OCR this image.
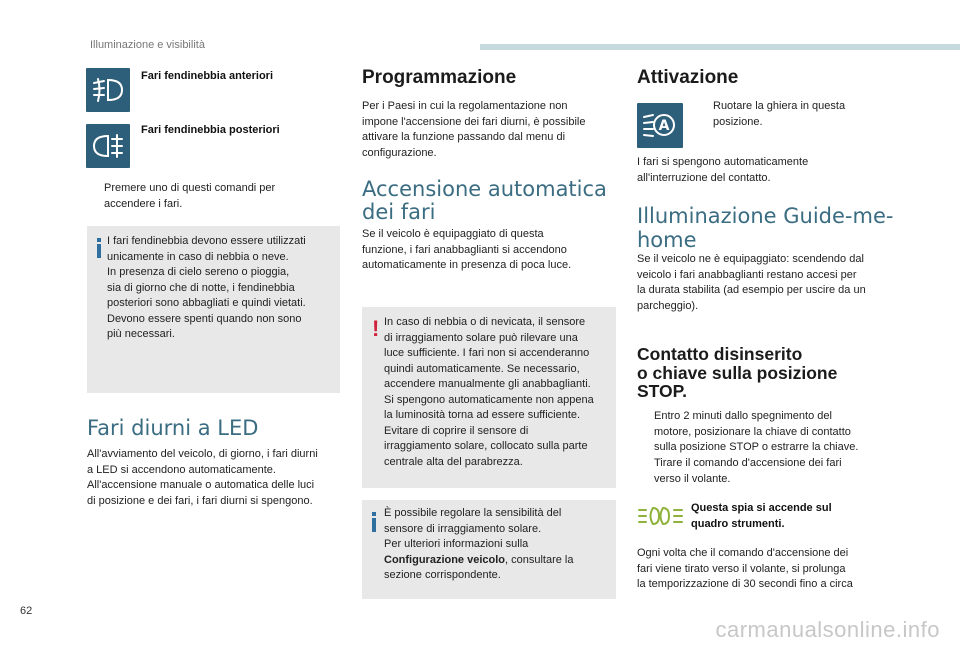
Illuminazione e visibilità
Fari fendinebbia anteriori
Fari fendinebbia posteriori
Premere uno di questi comandi per accendere i fari.
I fari fendinebbia devono essere utilizzati
unicamente in caso di nebbia o neve.
In presenza di cielo sereno o pioggia,
sia di giorno che di notte, i fendinebbia
posteriori sono abbagliati e quindi vietati.
Devono essere spenti quando non sono
più necessari.
Fari diurni a LED
All'avviamento del veicolo, di giorno, i fari diurni
a LED si accendono automaticamente.
All'accensione manuale o automatica delle luci
di posizione e dei fari, i fari diurni si spengono.
Programmazione
Per i Paesi in cui la regolamentazione non
impone l'accensione dei fari diurni, è possibile
attivare la funzione passando dal menu di
configurazione.
Accensione automatica
dei fari
Se il veicolo è equipaggiato di questa
funzione, i fari anabbaglianti si accendono
automaticamente in presenza di poca luce.
! In caso di nebbia o di nevicata, il sensore
di irraggiamento solare può rilevare una
luce sufficiente. I fari non si accenderanno
quindi automaticamente. Se necessario,
accendere manualmente gli anabbaglianti.
Si spengono automaticamente non appena
la luminosità torna ad essere sufficiente.
Evitare di coprire il sensore di
irraggiamento solare, collocato sulla parte
centrale alta del parabrezza.
È possibile regolare la sensibilità del
sensore di irraggiamento solare.
Per ulteriori informazioni sulla
Configurazione veicolo, consultare la
sezione corrispondente.
Attivazione
A
Ruotare la ghiera in questa
posizione.
I fari si spengono automaticamente
all'interruzione del contatto.
Illuminazione Guide-me-
home
Se il veicolo ne è equipaggiato: scendendo dal
veicolo i fari anabbaglianti restano accesi per
la durata stabilita (ad esempio per uscire da un
parcheggio).
Contatto disinserito
o chiave sulla posizione
STOP.
Entro 2 minuti dallo spegnimento del
motore, posizionare la chiave di contatto
sulla posizione STOP o estrarre la chiave.
Tirare il comando d'accensione dei fari
verso il volante.
Questa spia si accende sul
quadro strumenti.
Ogni volta che il comando d'accensione dei
fari viene tirato verso il volante, si prolunga
la temporizzazione di 30 secondi fino a circa
62
carmanualsonline.info
